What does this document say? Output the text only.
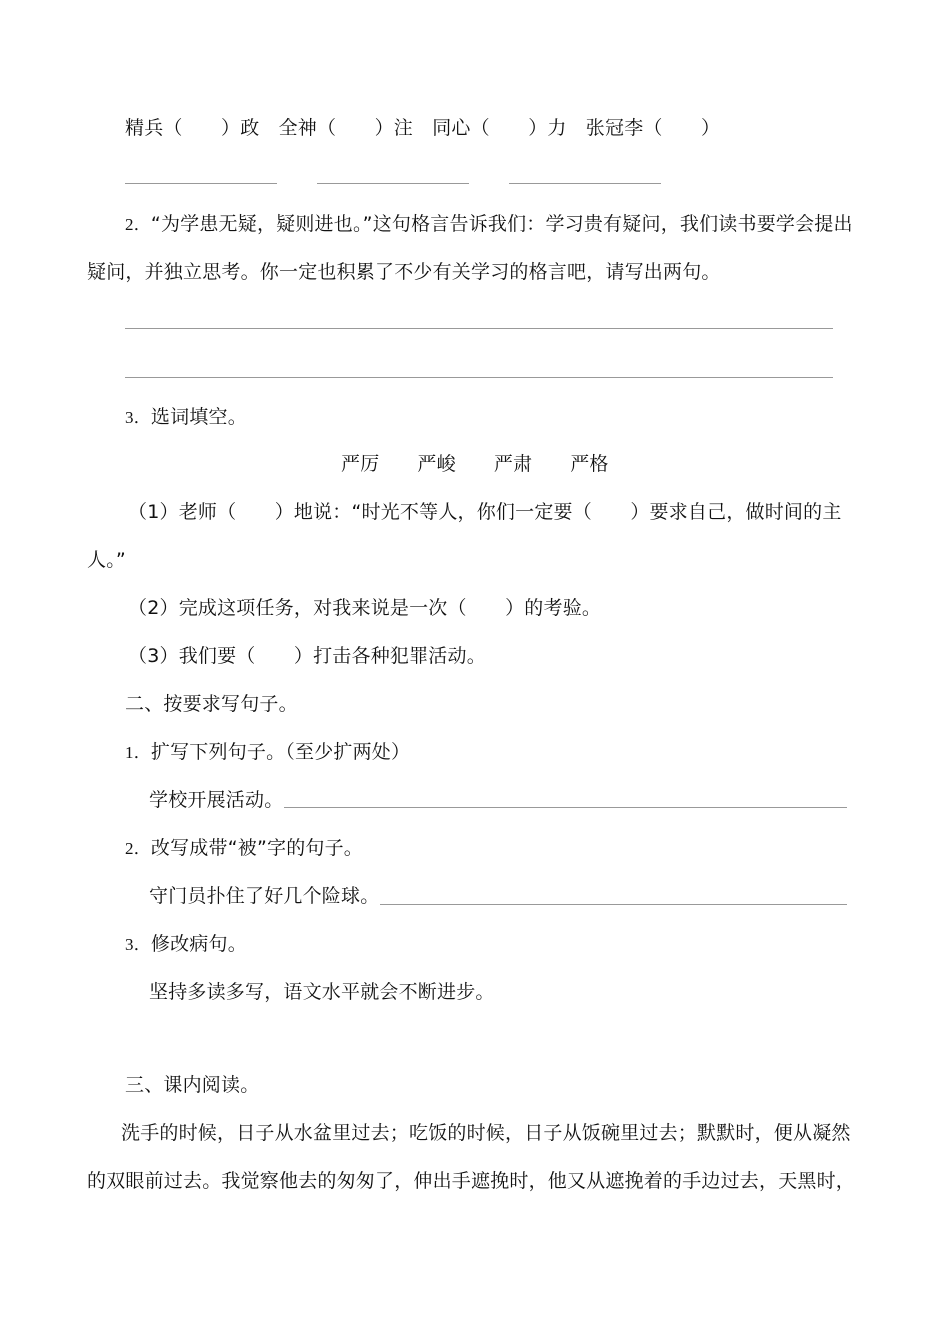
精兵（　　）政　全神（　　）注　同心（　　）力　张冠李（　　）
2．“为学患无疑，疑则进也。”这句格言告诉我们：学习贵有疑问，我们读书要学会提出
疑问，并独立思考。你一定也积累了不少有关学习的格言吧，请写出两句。
3．选词填空。
严厉 严峻 严肃 严格
（1）老师（　　）地说：“时光不等人，你们一定要（　　）要求自己，做时间的主
人。”
（2）完成这项任务，对我来说是一次（　　）的考验。
（3）我们要（　　）打击各种犯罪活动。
二、按要求写句子。
1．扩写下列句子。（至少扩两处）
学校开展活动。
2．改写成带“被”字的句子。
守门员扑住了好几个险球。
3．修改病句。
坚持多读多写，语文水平就会不断进步。
三、课内阅读。
洗手的时候，日子从水盆里过去；吃饭的时候，日子从饭碗里过去；默默时，便从凝然
的双眼前过去。我觉察他去的匆匆了，伸出手遮挽时，他又从遮挽着的手边过去，天黑时，
